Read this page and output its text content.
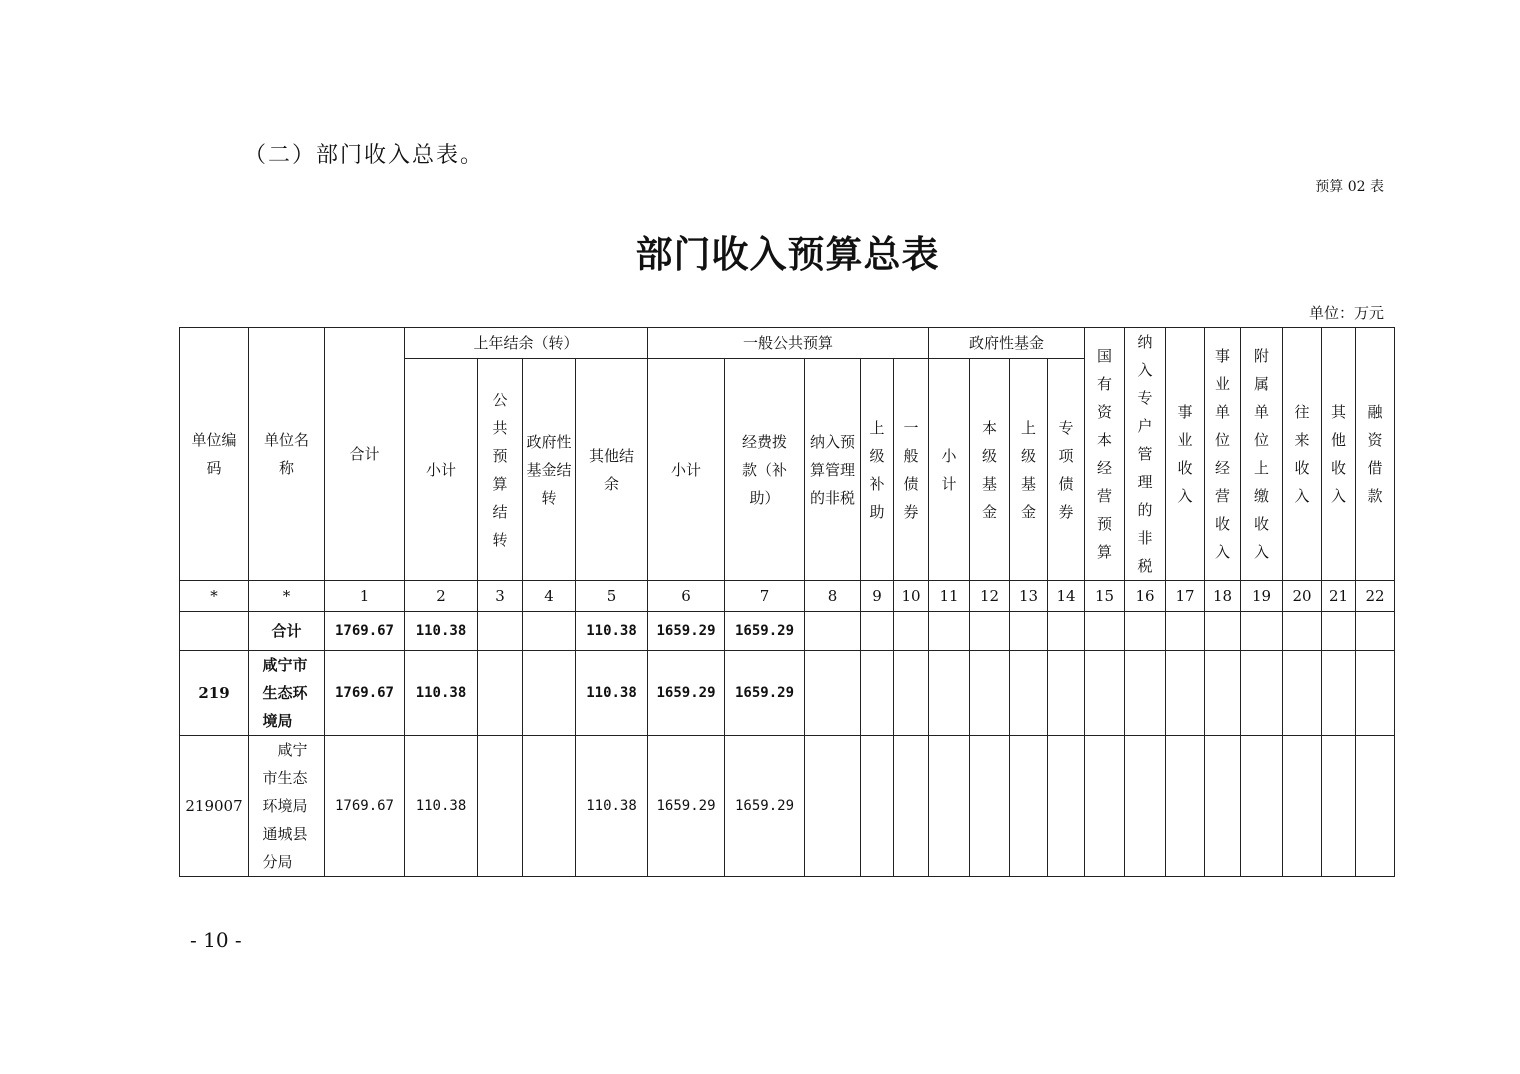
（二）部门收入总表。
预算 02 表
部门收入预算总表
单位：万元
单位编码	单位名称	合计	上年结余（转）				一般公共预算					政府性基金				国有资本经营预算	纳入专户管理的非税	事业收入	事业单位经营收入	附属单位上缴收入	往来收入	其他收入	融资借款
			小计	公共预算结转	政府性基金结转	其他结余	小计	经费拨款（补助）	纳入预算管理的非税	上级补助	一般债券	小计	本级基金	上级基金	专项债券								
*	*	1	2	3	4	5	6	7	8	9	10	11	12	13	14	15	16	17	18	19	20	21	22
	合计	1769.67	110.38			110.38	1659.29	1659.29															
219	咸宁市生态环境局	1769.67	110.38			110.38	1659.29	1659.29															
219007	咸宁市生态环境局通城县分局	1769.67	110.38			110.38	1659.29	1659.29															
- 10 -
